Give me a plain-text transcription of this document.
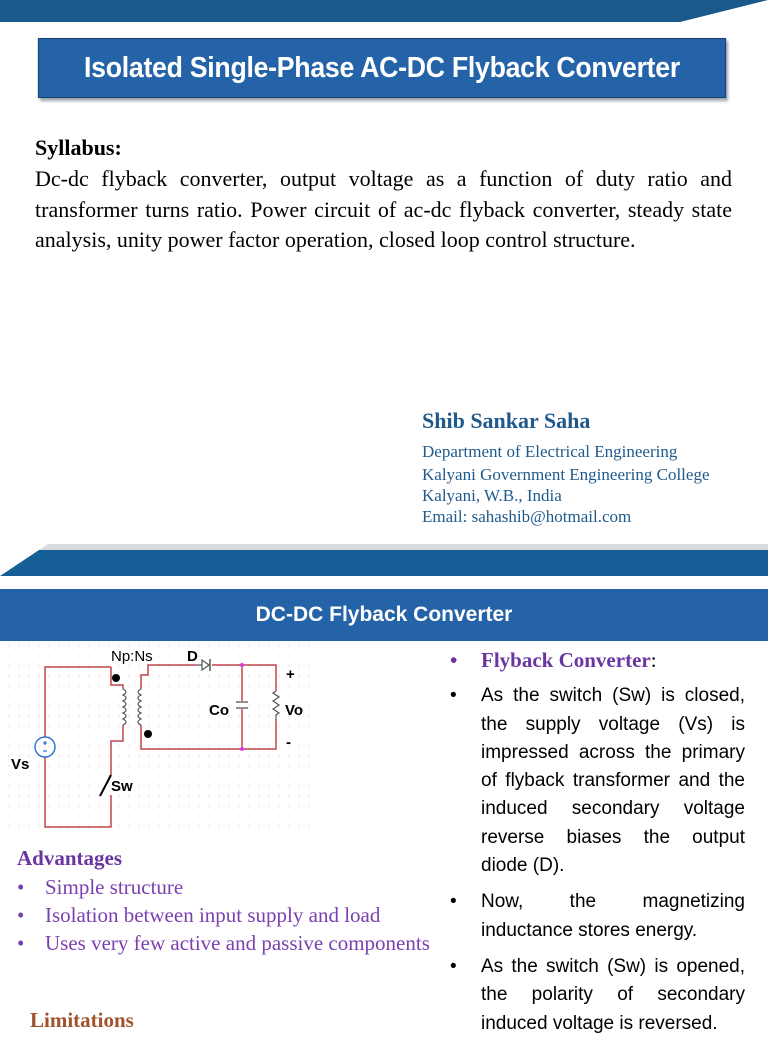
Isolated Single-Phase AC-DC Flyback Converter
Syllabus:
Dc-dc flyback converter, output voltage as a function of duty ratio and transformer turns ratio. Power circuit of ac-dc flyback converter, steady state analysis, unity power factor operation, closed loop control structure.
Shib Sankar Saha
Department of Electrical Engineering
Kalyani Government Engineering College
Kalyani, W.B., India
Email: sahashib@hotmail.com
DC-DC Flyback Converter
Np:Ns D
Co	Vo
+
-
Vs
Sw
Advantages
• Simple structure
• Isolation between input supply and load
• Uses very few active and passive components
Limitations
• Flyback Converter:
• As the switch (Sw) is closed, the supply voltage (Vs) is impressed across the primary of flyback transformer and the induced secondary voltage reverse biases the output diode (D).
• Now, the magnetizing inductance stores energy.
• As the switch (Sw) is opened, the polarity of secondary induced voltage is reversed.
